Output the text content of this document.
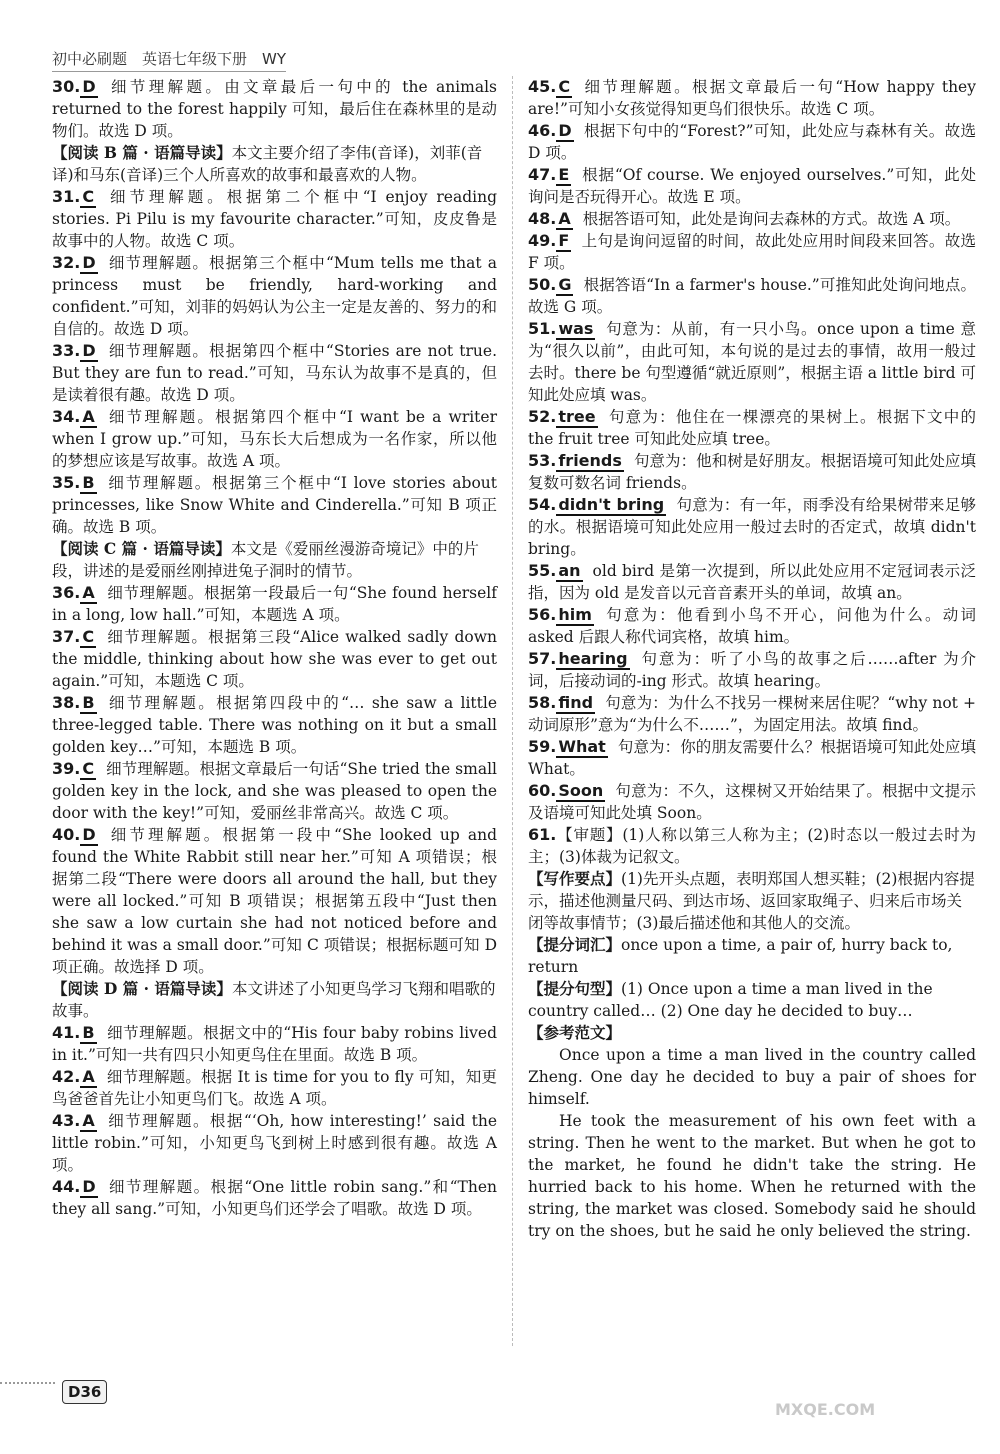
初中必刷题　英语七年级下册　WY
30. D 细节理解题。由文章最后一句中的 the animals returned to the forest happily 可知，最后住在森林里的是动物们。故选 D 项。
【阅读 B 篇 · 语篇导读】本文主要介绍了李伟(音译)，刘菲(音译)和马东(音译)三个人所喜欢的故事和最喜欢的人物。
31. C 细节理解题。根据第二个框中“I enjoy reading stories. Pi Pilu is my favourite character.”可知，皮皮鲁是故事中的人物。故选 C 项。
32. D 细节理解题。根据第三个框中“Mum tells me that a princess must be friendly, hard-working and confident.”可知，刘菲的妈妈认为公主一定是友善的、努力的和自信的。故选 D 项。
33. D 细节理解题。根据第四个框中“Stories are not true. But they are fun to read.”可知，马东认为故事不是真的，但是读着很有趣。故选 D 项。
34. A 细节理解题。根据第四个框中“I want be a writer when I grow up.”可知，马东长大后想成为一名作家，所以他的梦想应该是写故事。故选 A 项。
35. B 细节理解题。根据第三个框中“I love stories about princesses, like Snow White and Cinderella.”可知 B 项正确。故选 B 项。
【阅读 C 篇 · 语篇导读】本文是《爱丽丝漫游奇境记》中的片段，讲述的是爱丽丝刚掉进兔子洞时的情节。
36. A 细节理解题。根据第一段最后一句“She found herself in a long, low hall.”可知，本题选 A 项。
37. C 细节理解题。根据第三段“Alice walked sadly down the middle, thinking about how she was ever to get out again.”可知，本题选 C 项。
38. B 细节理解题。根据第四段中的“… she saw a little three-legged table. There was nothing on it but a small golden key…”可知，本题选 B 项。
39. C 细节理解题。根据文章最后一句话“She tried the small golden key in the lock, and she was pleased to open the door with the key!”可知，爱丽丝非常高兴。故选 C 项。
40. D 细节理解题。根据第一段中“She looked up and found the White Rabbit still near her.”可知 A 项错误；根据第二段“There were doors all around the hall, but they were all locked.”可知 B 项错误；根据第五段中“Just then she saw a low curtain she had not noticed before and behind it was a small door.”可知 C 项错误；根据标题可知 D 项正确。故选择 D 项。
【阅读 D 篇 · 语篇导读】本文讲述了小知更鸟学习飞翔和唱歌的故事。
41. B 细节理解题。根据文中的“His four baby robins lived in it.”可知一共有四只小知更鸟住在里面。故选 B 项。
42. A 细节理解题。根据 It is time for you to fly 可知，知更鸟爸爸首先让小知更鸟们飞。故选 A 项。
43. A 细节理解题。根据“‘Oh, how interesting!’ said the little robin.”可知，小知更鸟飞到树上时感到很有趣。故选 A 项。
44. D 细节理解题。根据“One little robin sang.”和“Then they all sang.”可知，小知更鸟们还学会了唱歌。故选 D 项。
45. C 细节理解题。根据文章最后一句“How happy they are!”可知小女孩觉得知更鸟们很快乐。故选 C 项。
46. D 根据下句中的“Forest?”可知，此处应与森林有关。故选 D 项。
47. E 根据“Of course. We enjoyed ourselves.”可知，此处询问是否玩得开心。故选 E 项。
48. A 根据答语可知，此处是询问去森林的方式。故选 A 项。
49. F 上句是询问逗留的时间，故此处应用时间段来回答。故选 F 项。
50. G 根据答语“In a farmer's house.”可推知此处询问地点。故选 G 项。
51. was 句意为：从前，有一只小鸟。once upon a time 意为“很久以前”，由此可知，本句说的是过去的事情，故用一般过去时。there be 句型遵循“就近原则”，根据主语 a little bird 可知此处应填 was。
52. tree 句意为：他住在一棵漂亮的果树上。根据下文中的 the fruit tree 可知此处应填 tree。
53. friends 句意为：他和树是好朋友。根据语境可知此处应填复数可数名词 friends。
54. didn't bring 句意为：有一年，雨季没有给果树带来足够的水。根据语境可知此处应用一般过去时的否定式，故填 didn't bring。
55. an old bird 是第一次提到，所以此处应用不定冠词表示泛指，因为 old 是发音以元音音素开头的单词，故填 an。
56. him 句意为：他看到小鸟不开心，问他为什么。动词 asked 后跟人称代词宾格，故填 him。
57. hearing 句意为：听了小鸟的故事之后……after 为介词，后接动词的-ing 形式。故填 hearing。
58. find 句意为：为什么不找另一棵树来居住呢？“why not + 动词原形”意为“为什么不……”，为固定用法。故填 find。
59. What 句意为：你的朋友需要什么？根据语境可知此处应填 What。
60. Soon 句意为：不久，这棵树又开始结果了。根据中文提示及语境可知此处填 Soon。
61.【审题】(1)人称以第三人称为主；(2)时态以一般过去时为主；(3)体裁为记叙文。
【写作要点】(1)先开头点题，表明郑国人想买鞋；(2)根据内容提示，描述他测量尺码、到达市场、返回家取绳子、归来后市场关闭等故事情节；(3)最后描述他和其他人的交流。
【提分词汇】once upon a time, a pair of, hurry back to, return
【提分句型】(1) Once upon a time a man lived in the country called… (2) One day he decided to buy…
【参考范文】
Once upon a time a man lived in the country called Zheng. One day he decided to buy a pair of shoes for himself.
He took the measurement of his own feet with a string. Then he went to the market. But when he got to the market, he found he didn't take the string. He hurried back to his home. When he returned with the string, the market was closed. Somebody said he should try on the shoes, but he said he only believed the string.
D36
MXQE.COM
